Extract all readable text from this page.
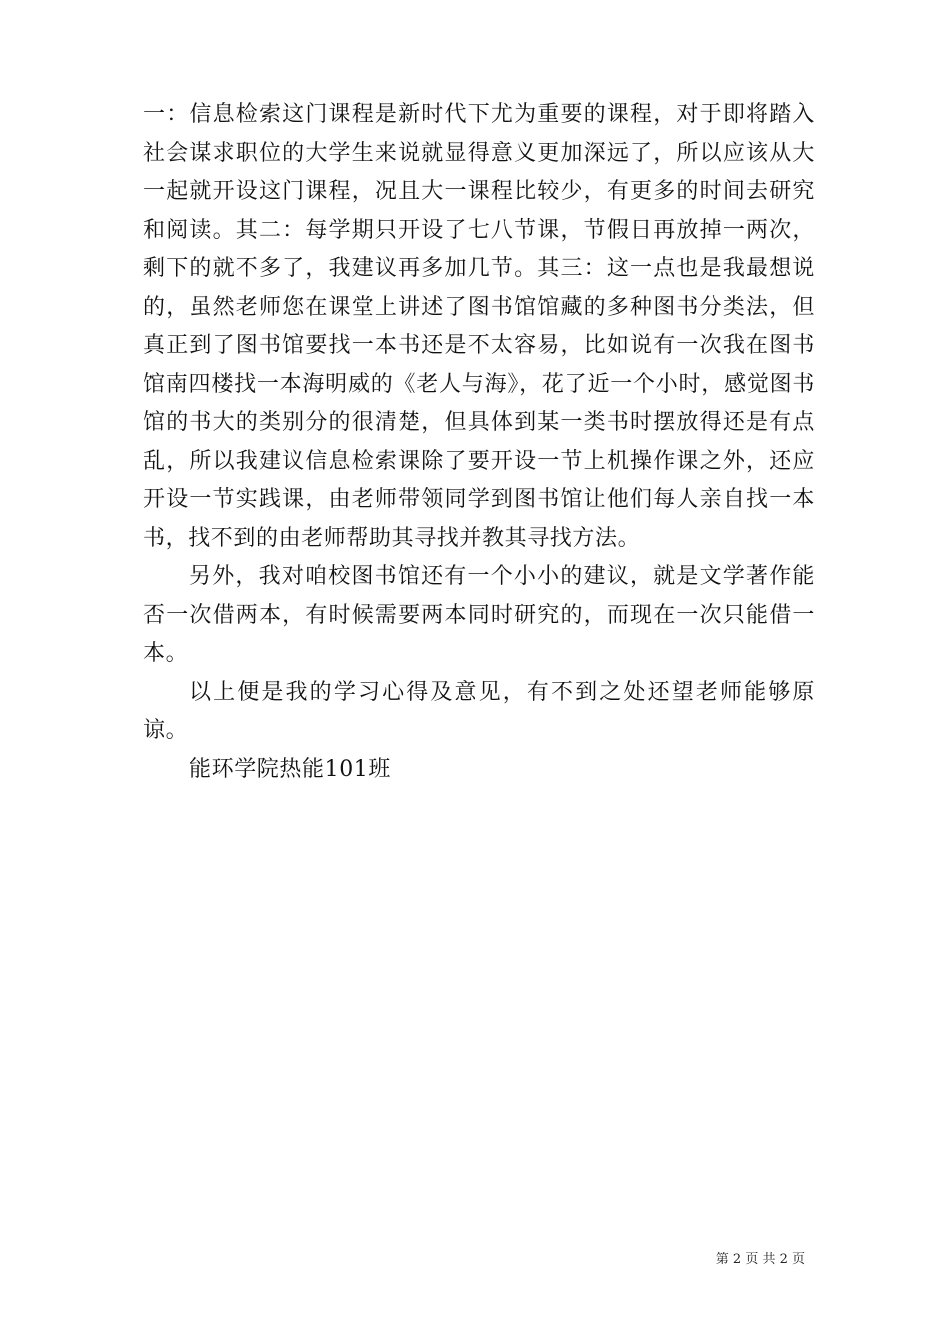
一：信息检索这门课程是新时代下尤为重要的课程，对于即将踏入社会谋求职位的大学生来说就显得意义更加深远了，所以应该从大一起就开设这门课程，况且大一课程比较少，有更多的时间去研究和阅读。其二：每学期只开设了七八节课，节假日再放掉一两次，剩下的就不多了，我建议再多加几节。其三：这一点也是我最想说的，虽然老师您在课堂上讲述了图书馆馆藏的多种图书分类法，但真正到了图书馆要找一本书还是不太容易，比如说有一次我在图书馆南四楼找一本海明威的《老人与海》，花了近一个小时，感觉图书馆的书大的类别分的很清楚，但具体到某一类书时摆放得还是有点乱，所以我建议信息检索课除了要开设一节上机操作课之外，还应开设一节实践课，由老师带领同学到图书馆让他们每人亲自找一本书，找不到的由老师帮助其寻找并教其寻找方法。

另外，我对咱校图书馆还有一个小小的建议，就是文学著作能否一次借两本，有时候需要两本同时研究的，而现在一次只能借一本。

以上便是我的学习心得及意见，有不到之处还望老师能够原谅。

能环学院热能101班

第 2 页 共 2 页
